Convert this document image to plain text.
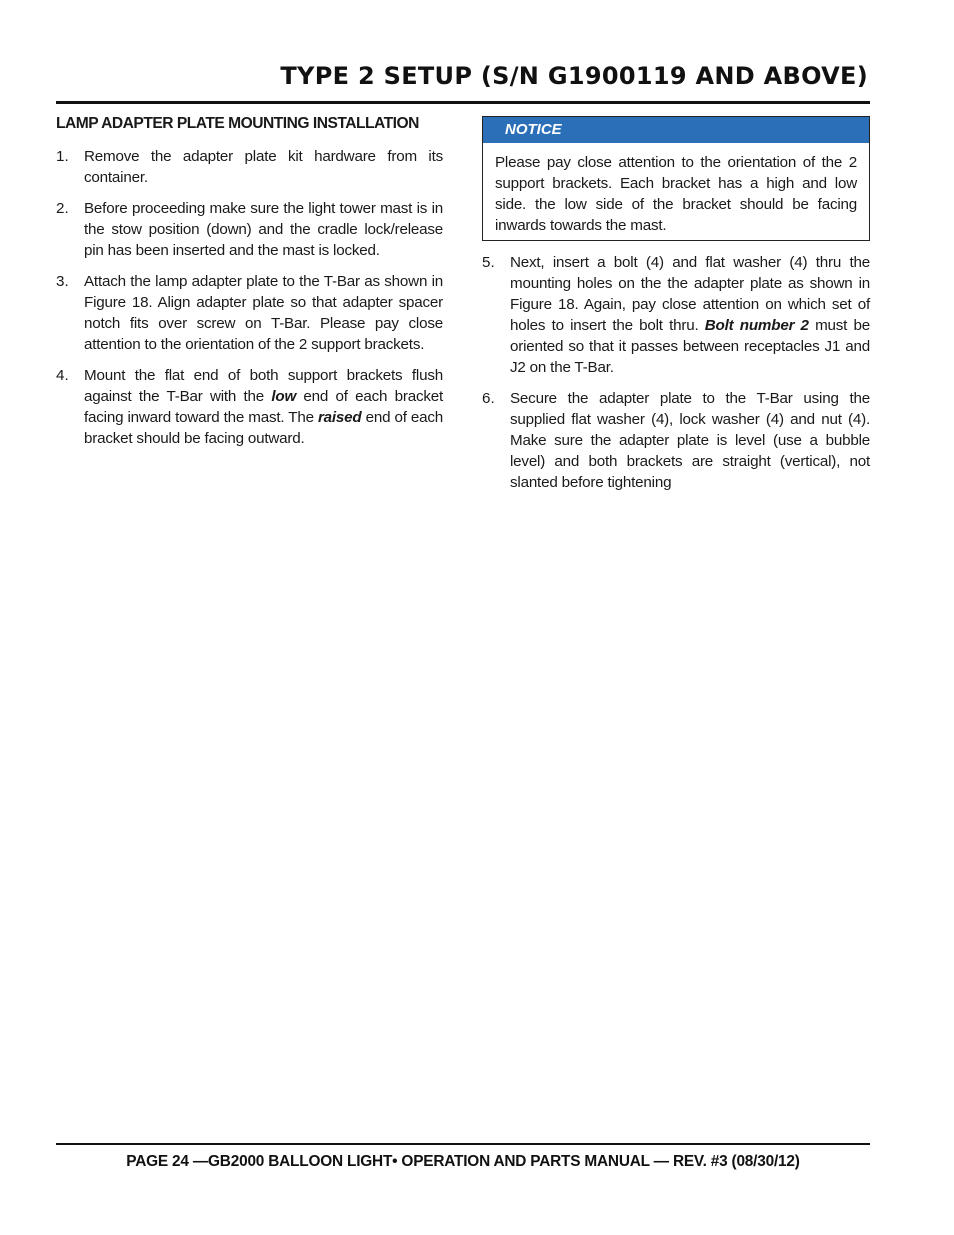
TYPE 2 SETUP (S/N G1900119 AND ABOVE)
LAMP ADAPTER PLATE MOUNTING INSTALLATION
1.	Remove the adapter plate kit hardware from its container.
2.	Before proceeding make sure the light tower mast is in the stow position (down) and the cradle lock/release pin has been inserted and the mast is locked.
3.	Attach the lamp adapter plate to the T-Bar as shown in Figure 18. Align adapter plate so that adapter spacer notch fits over screw on T-Bar. Please pay close attention to the orientation of the 2 support brackets.
4.	Mount the flat end of both support brackets flush against the T-Bar with the low end of each bracket facing inward toward the mast. The raised end of each bracket should be facing outward.
NOTICE
Please pay close attention to the orientation of the 2 support brackets. Each bracket has a high and low side. the low side of the bracket should be facing inwards towards the mast.
5.	Next, insert a bolt (4) and flat washer (4) thru the mounting holes on the the adapter plate as shown in Figure 18. Again, pay close attention on which set of holes to insert the bolt thru. Bolt number 2 must be oriented so that it passes between receptacles J1 and J2 on the T-Bar.
6.	Secure the adapter plate to the T-Bar using the supplied flat washer (4), lock washer (4) and nut (4). Make sure the adapter plate is level (use a bubble level) and both brackets are straight (vertical), not slanted before tightening
PAGE 24 —GB2000 BALLOON LIGHT• OPERATION AND PARTS MANUAL — REV. #3 (08/30/12)
